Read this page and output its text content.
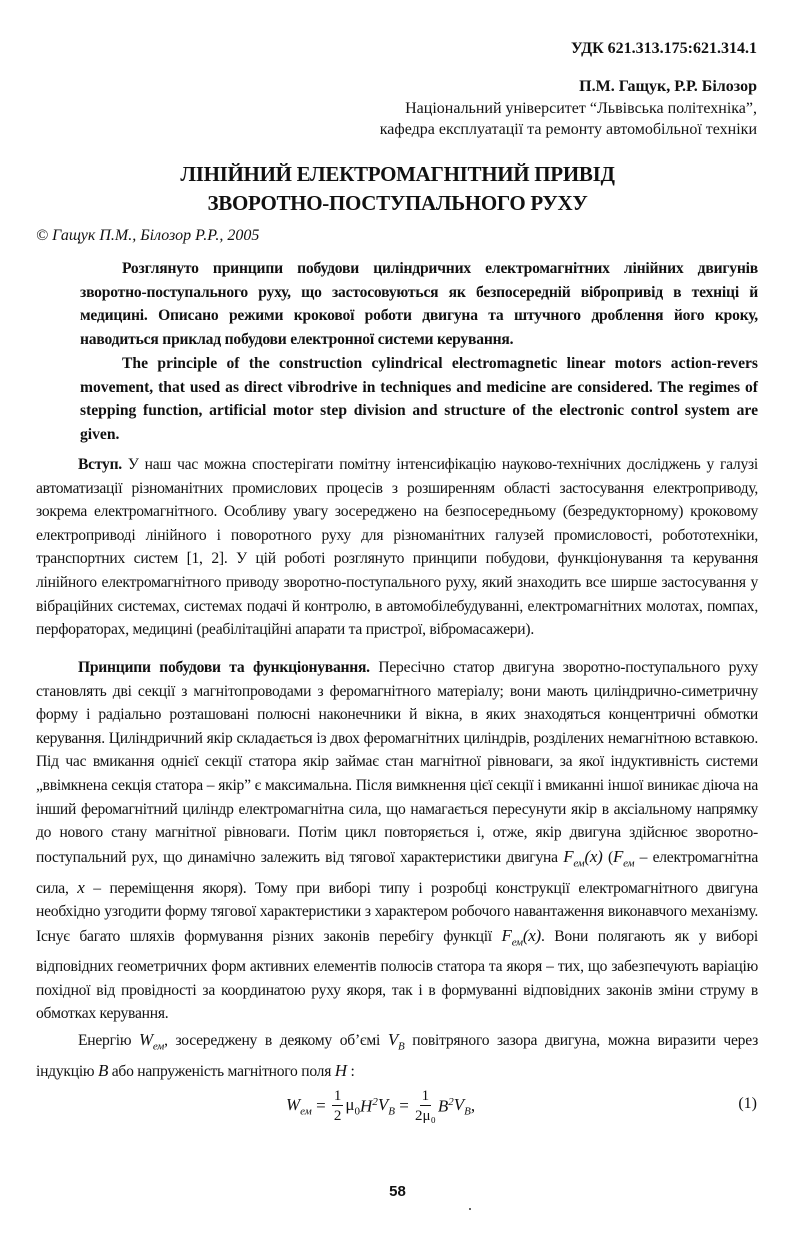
УДК 621.313.175:621.314.1
П.М. Гащук, Р.Р. Білозор
Національний університет “Львівська політехніка”,
кафедра експлуатації та ремонту автомобільної техніки
ЛІНІЙНИЙ ЕЛЕКТРОМАГНІТНИЙ ПРИВІД
ЗВОРОТНО-ПОСТУПАЛЬНОГО РУХУ
© Гащук П.М., Білозор Р.Р., 2005

Розглянуто принципи побудови циліндричних електромагнітних лінійних двигунів зворотно-поступального руху, що застосовуються як безпосередній вібропривід в техніці й медицині. Описано режими крокової роботи двигуна та штучного дроблення його кроку, наводиться приклад побудови електронної системи керування.

The principle of the construction cylindrical electromagnetic linear motors action-revers movement, that used as direct vibrodrive in techniques and medicine are considered. The regimes of stepping function, artificial motor step division and structure of the electronic control system are given.

Вступ. У наш час можна спостерігати помітну інтенсифікацію науково-технічних досліджень у галузі автоматизації різноманітних промислових процесів з розширенням області застосування електроприводу, зокрема електромагнітного. Особливу увагу зосереджено на безпосередньому (безредукторному) кроковому електроприводі лінійного і поворотного руху для різноманітних галузей промисловості, робототехніки, транспортних систем [1, 2]. У цій роботі розглянуто принципи побудови, функціонування та керування лінійного електромагнітного приводу зворотно-поступального руху, який знаходить все ширше застосування у вібраційних системах, системах подачі й контролю, в автомобілебудуванні, електромагнітних молотах, помпах, перфораторах, медицині (реабілітаційні апарати та пристрої, вібромасажери).

Принципи побудови та функціонування. Пересічно статор двигуна зворотно-поступального руху становлять дві секції з магнітопроводами з феромагнітного матеріалу; вони мають циліндрично-симетричну форму і радіально розташовані полюсні наконечники й вікна, в яких знаходяться концентричні обмотки керування. Циліндричний якір складається із двох феромагнітних циліндрів, розділених немагнітною вставкою. Під час вмикання однієї секції статора якір займає стан магнітної рівноваги, за якої індуктивність системи „ввімкнена секція статора – якір” є максимальна. Після вимкнення цієї секції і вмиканні іншої виникає діюча на інший феромагнітний циліндр електромагнітна сила, що намагається пересунути якір в аксіальному напрямку до нового стану магнітної рівноваги. Потім цикл повторяється і, отже, якір двигуна здійснює зворотно-поступальний рух, що динамічно залежить від тягової характеристики двигуна $F_{ем}(x)$ ($F_{ем}$ – електромагнітна сила, x – переміщення якоря). Тому при виборі типу і розробці конструкції електромагнітного двигуна необхідно узгодити форму тягової характеристики з характером робочого навантаження виконавчого механізму. Існує багато шляхів формування різних законів перебігу функції $F_{ем}(x)$. Вони полягають як у виборі відповідних геометричних форм активних елементів полюсів статора та якоря – тих, що забезпечують варіацію похідної від провідності за координатою руху якоря, так і в формуванні відповідних законів зміни струму в обмотках керування.

Енергію $W_{ем}$, зосереджену в деякому об’ємі $V_B$ повітряного зазора двигуна, можна виразити через індукцію B або напруженість магнітного поля H :

$W_{ем} = \frac{1}{2} \mu_0$ $H^2$ $V_B = \frac{1}{\text{2μ₀}} B^2$ $V_B$ ,	(1)
58
